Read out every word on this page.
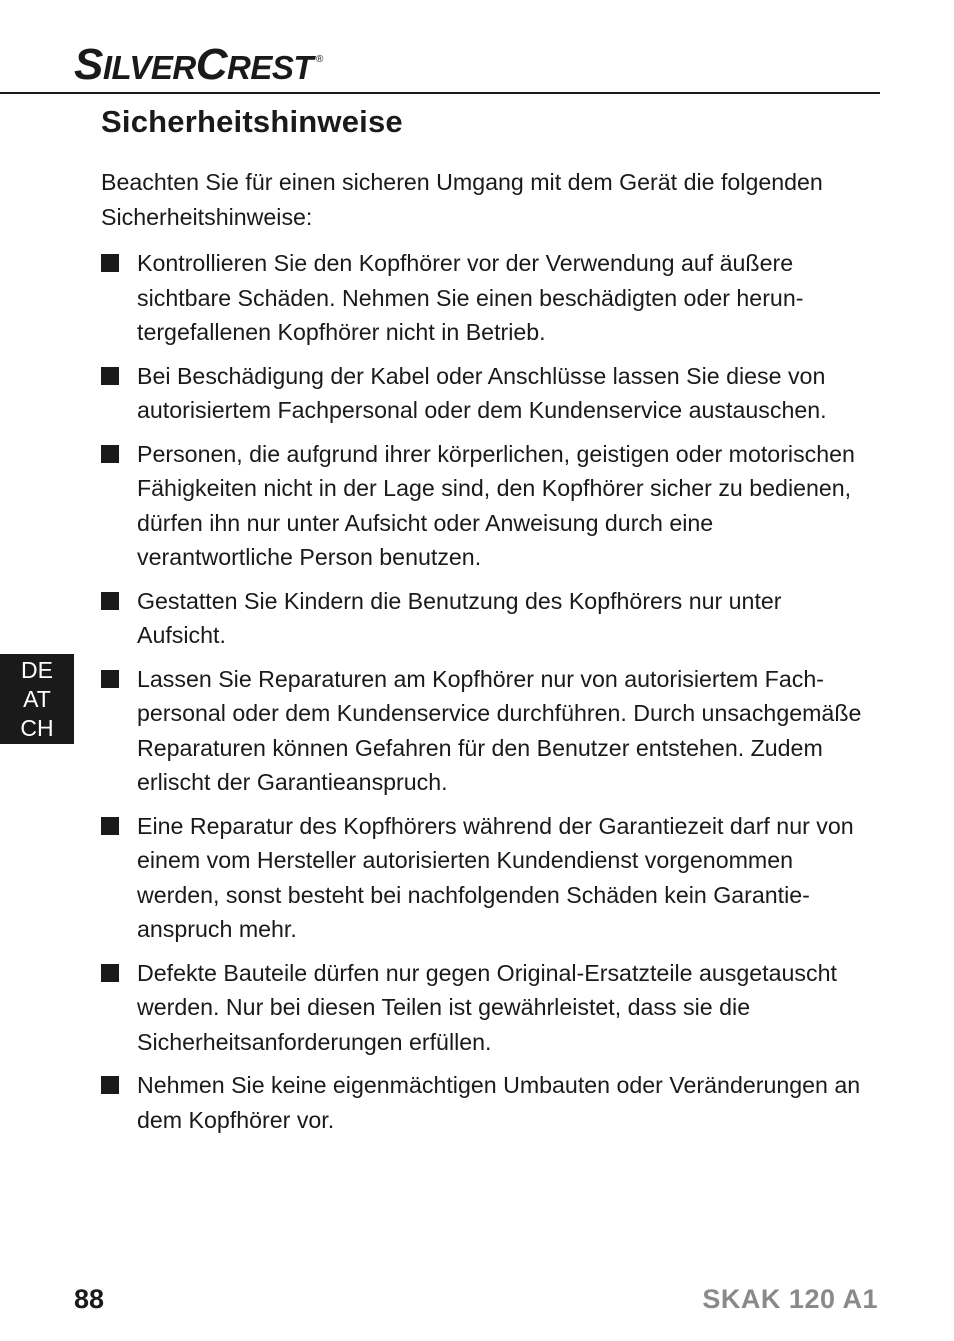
SILVERCREST ®
Sicherheitshinweise

Beachten Sie für einen sicheren Umgang mit dem Gerät die folgenden Sicherheitshinweise:

Kontrollieren Sie den Kopfhörer vor der Verwendung auf äußere sichtbare Schäden. Nehmen Sie einen beschädigten oder heruntergefallenen Kopfhörer nicht in Betrieb.
Bei Beschädigung der Kabel oder Anschlüsse lassen Sie diese von autorisiertem Fachpersonal oder dem Kundenservice austauschen.
Personen, die aufgrund ihrer körperlichen, geistigen oder motorischen Fähigkeiten nicht in der Lage sind, den Kopfhörer sicher zu bedienen, dürfen ihn nur unter Aufsicht oder Anweisung durch eine verantwortliche Person benutzen.
Gestatten Sie Kindern die Benutzung des Kopfhörers nur unter Aufsicht.
Lassen Sie Reparaturen am Kopfhörer nur von autorisiertem Fachpersonal oder dem Kundenservice durchführen. Durch unsachgemäße Reparaturen können Gefahren für den Benutzer entstehen. Zudem erlischt der Garantieanspruch.
Eine Reparatur des Kopfhörers während der Garantiezeit darf nur von einem vom Hersteller autorisierten Kundendienst vorgenommen werden, sonst besteht bei nachfolgenden Schäden kein Garantieanspruch mehr.
Defekte Bauteile dürfen nur gegen Original-Ersatzteile ausgetauscht werden. Nur bei diesen Teilen ist gewährleistet, dass sie die Sicherheitsanforderungen erfüllen.
Nehmen Sie keine eigenmächtigen Umbauten oder Veränderungen an dem Kopfhörer vor.
DE
AT
CH
88	SKAK 120 A1
